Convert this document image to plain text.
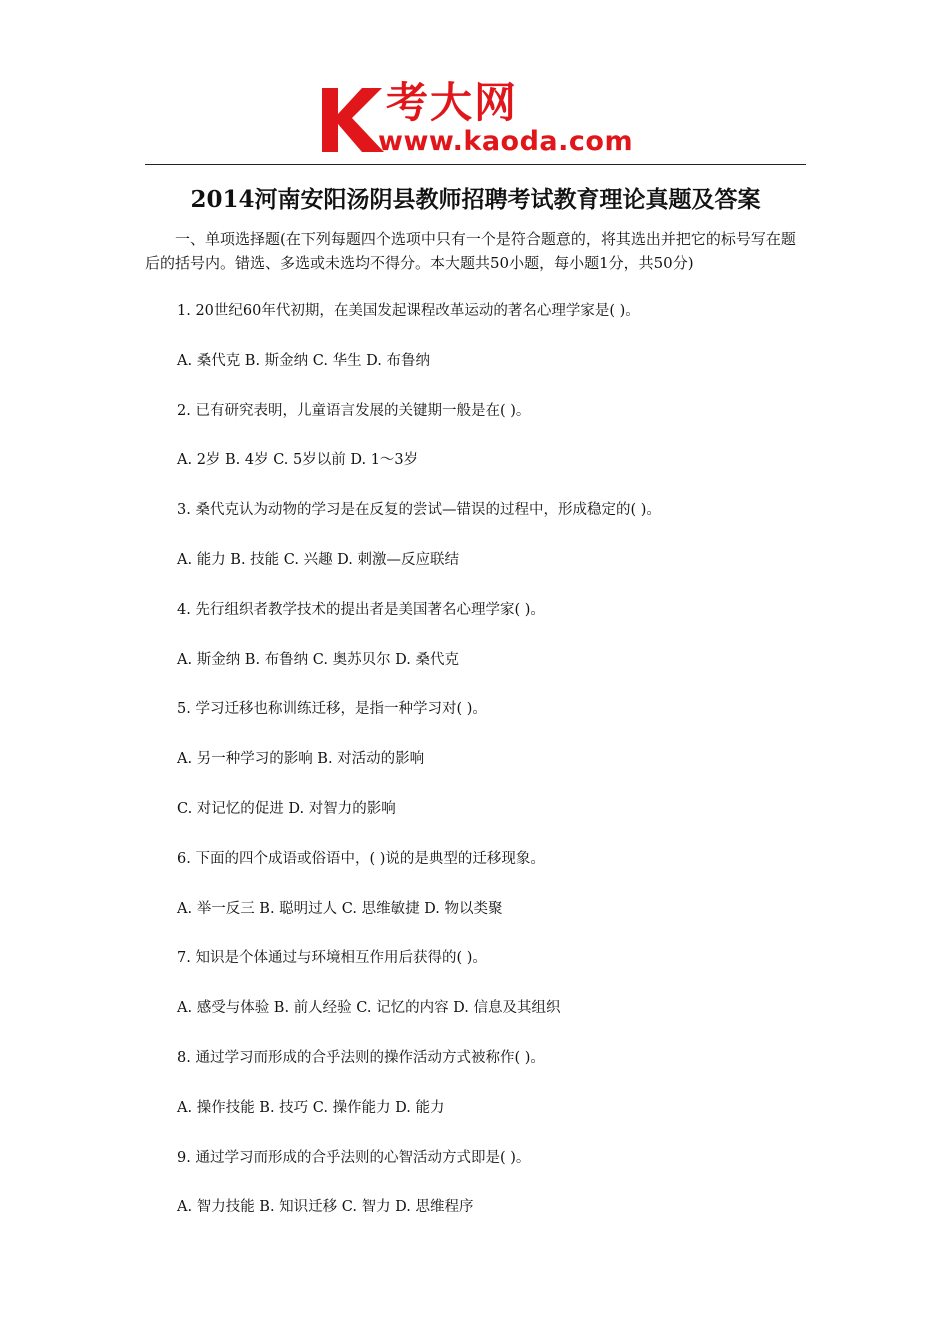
考大网
www.kaoda.com
2014河南安阳汤阴县教师招聘考试教育理论真题及答案
一、单项选择题(在下列每题四个选项中只有一个是符合题意的，将其选出并把它的标号写在题后的括号内。错选、多选或未选均不得分。本大题共50小题，每小题1分，共50分)
1. 20世纪60年代初期，在美国发起课程改革运动的著名心理学家是( )。
A. 桑代克 B. 斯金纳 C. 华生 D. 布鲁纳
2. 已有研究表明，儿童语言发展的关键期一般是在( )。
A. 2岁 B. 4岁 C. 5岁以前 D. 1～3岁
3. 桑代克认为动物的学习是在反复的尝试—错误的过程中，形成稳定的( )。
A. 能力 B. 技能 C. 兴趣 D. 刺激—反应联结
4. 先行组织者教学技术的提出者是美国著名心理学家( )。
A. 斯金纳 B. 布鲁纳 C. 奥苏贝尔 D. 桑代克
5. 学习迁移也称训练迁移，是指一种学习对( )。
A. 另一种学习的影响 B. 对活动的影响
C. 对记忆的促进 D. 对智力的影响
6. 下面的四个成语或俗语中，( )说的是典型的迁移现象。
A. 举一反三 B. 聪明过人 C. 思维敏捷 D. 物以类聚
7. 知识是个体通过与环境相互作用后获得的( )。
A. 感受与体验 B. 前人经验 C. 记忆的内容 D. 信息及其组织
8. 通过学习而形成的合乎法则的操作活动方式被称作( )。
A. 操作技能 B. 技巧 C. 操作能力 D. 能力
9. 通过学习而形成的合乎法则的心智活动方式即是( )。
A. 智力技能 B. 知识迁移 C. 智力 D. 思维程序
